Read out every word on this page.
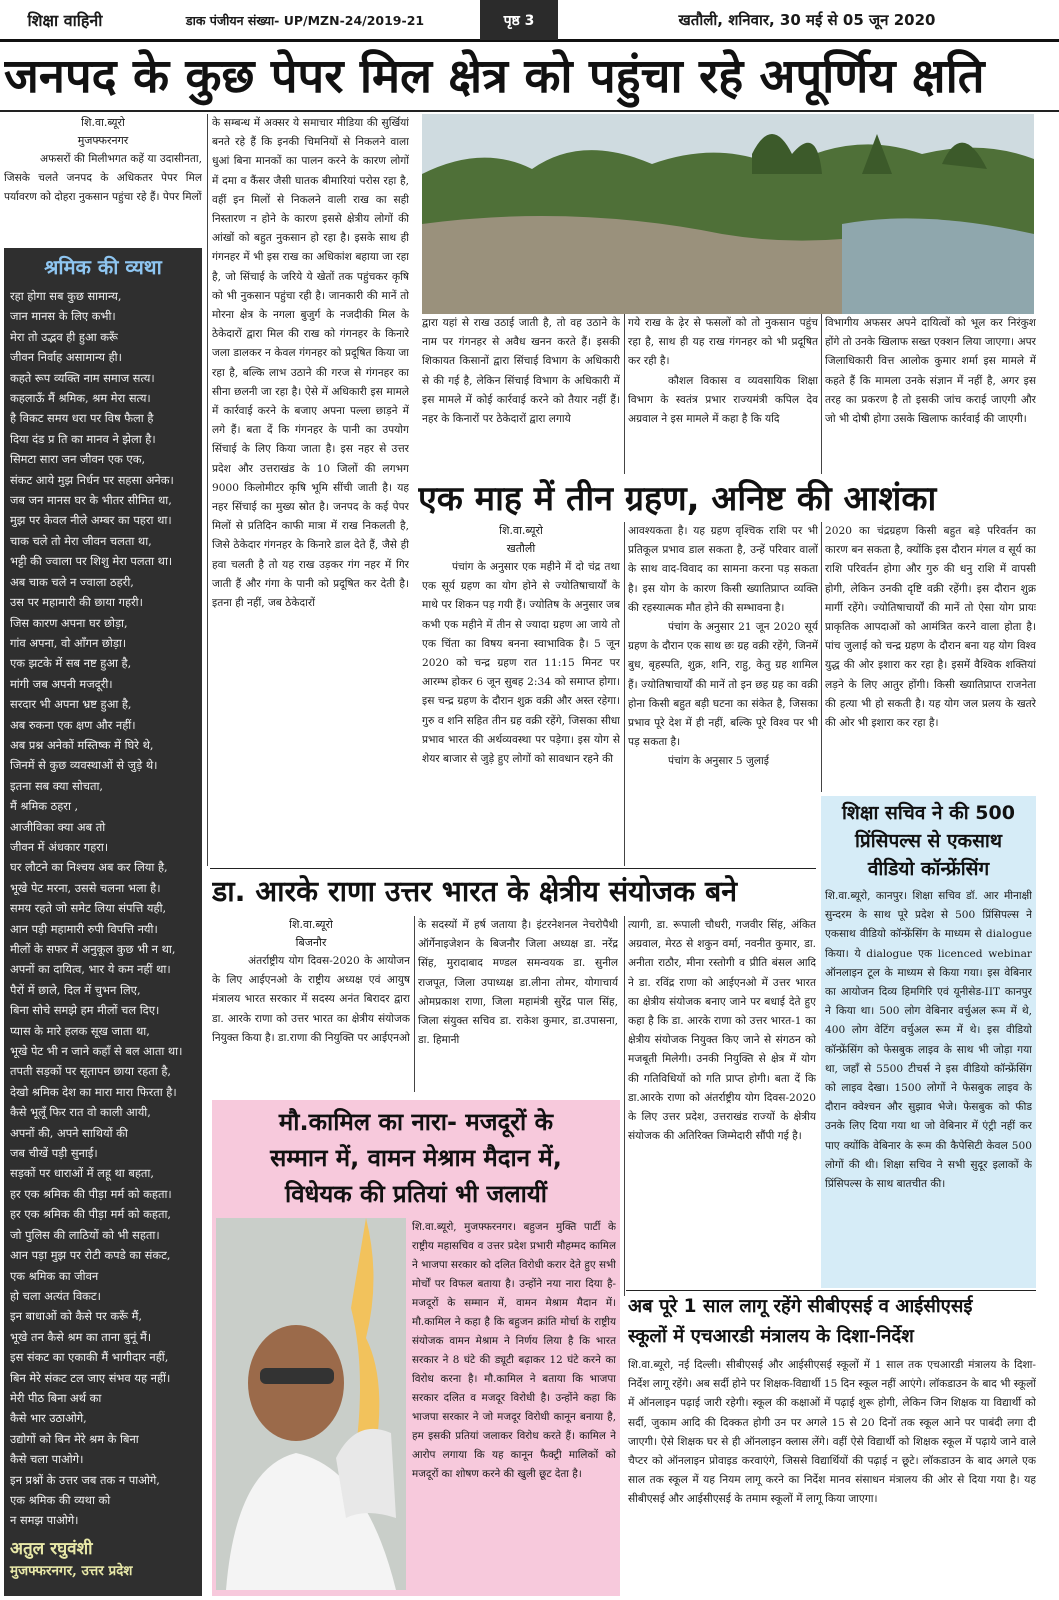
शिक्षा वाहिनी	डाक पंजीयन संख्या- UP/MZN-24/2019-21	पृष्ठ 3	खतौली, शनिवार, 30 मई से 05 जून 2020
जनपद के कुछ पेपर मिल क्षेत्र को पहुंचा रहे अपूर्णिय क्षति
शि.वा.ब्यूरो
मुजफ्फरनगर

अफसरों की मिलीभगत कहें या उदासीनता, जिसके चलते जनपद के अधिकतर पेपर मिल पर्यावरण को दोहरा नुकसान पहुंचा रहे हैं। पेपर मिलों

श्रमिक की व्यथा
रहा होगा सब कुछ सामान्य,
जान मानस के लिए कभी।
मेरा तो उद्भव ही हुआ करूँ
जीवन निर्वाह असामान्य ही।
कहते रूप व्यक्ति नाम समाज सत्य।
कहलाऊँ मैं श्रमिक, श्रम मेरा सत्य।
है विकट समय धरा पर विष फैला है
दिया दंड प्र ति का मानव ने झेला है।
सिमटा सारा जन जीवन एक एक,
संकट आये मुझ निर्धन पर सहसा अनेक।
जब जन मानस घर के भीतर सीमित था,
मुझ पर केवल नीले अम्बर का पहरा था।
चाक चले तो मेरा जीवन चलता था,
भट्टी की ज्वाला पर शिशु मेरा पलता था।
अब चाक चले न ज्वाला ठहरी,
उस पर महामारी की छाया गहरी।
जिस कारण अपना घर छोड़ा,
गांव अपना, वो आँगन छोड़ा।
एक झटके में सब नष्ट हुआ है,
मांगी जब अपनी मजदूरी।
सरदार भी अपना भ्रष्ट हुआ है,
अब रुकना एक क्षण और नहीं।
अब प्रश्न अनेकों मस्तिष्क में घिरे थे,
जिनमें से कुछ व्यवस्थाओं से जुड़े थे।
इतना सब क्या सोचता,
मैं श्रमिक ठहरा ,
आजीविका क्या अब तो
जीवन में अंधकार गहरा।
घर लौटने का निश्चय अब कर लिया है,
भूखे पेट मरना, उससे चलना भला है।
समय रहते जो समेट लिया संपत्ति यही,
आन पड़ी महामारी रुपी विपत्ति नयी।
मीलों के सफर में अनुकूल कुछ भी न था,
अपनों का दायित्व, भार ये कम नहीं था।
पैरों में छाले, दिल में चुभन लिए,
बिना सोचे समझे हम मीलों चल दिए।
प्यास के मारे हलक सूख जाता था,
भूखे पेट भी न जाने कहाँ से बल आता था।
तपती सड़कों पर सूतापन छाया रहता है,
देखो श्रमिक देश का मारा मारा फिरता है।
कैसे भूलूँ फिर रात वो काली आयी,
अपनों की, अपने साथियों की
जब चीखें पड़ी सुनाई।
सड़कों पर धाराओं में लहू था बहता,
हर एक श्रमिक की पीड़ा मर्म को कहता।
हर एक श्रमिक की पीड़ा मर्म को कहता,
जो पुलिस की लाठियों को भी सहता।
आन पड़ा मुझ पर रोटी कपडे का संकट,
एक श्रमिक का जीवन
हो चला अत्यंत विकट।
इन बाधाओं को कैसे पर करूँ मैं,
भूखे तन कैसे श्रम का ताना बुनूं मैं।
इस संकट का एकाकी मैं भागीदार नहीं,
बिन मेरे संकट टल जाए संभव यह नहीं।
मेरी पीठ बिना अर्थ का
कैसे भार उठाओगे,
उद्योगों को बिन मेरे श्रम के बिना
कैसे चला पाओगे।
इन प्रश्नों के उत्तर जब तक न पाओगे,
एक श्रमिक की व्यथा को
न समझ पाओगे।
अतुल रघुवंशी
मुजफ्फरनगर, उत्तर प्रदेश

के सम्बन्ध में अक्सर ये समाचार मीडिया की सुर्खियां बनते रहे हैं कि इनकी चिमनियों से निकलने वाला धुआं बिना मानकों का पालन करने के कारण लोगों में दमा व कैंसर जैसी घातक बीमारियां परोस रहा है, वहीं इन मिलों से निकलने वाली राख का सही निस्तारण न होने के कारण इससे क्षेत्रीय लोगों की आंखों को बहुत नुकसान हो रहा है। इसके साथ ही गंगनहर में भी इस राख का अधिकांश बहाया जा रहा है, जो सिंचाई के जरिये ये खेतों तक पहुंचकर कृषि को भी नुकसान पहुंचा रही है। जानकारी की मानें तो मोरना क्षेत्र के नगला बुजुर्ग के नजदीकी मिल के ठेकेदारों द्वारा मिल की राख को गंगनहर के किनारे जला डालकर न केवल गंगनहर को प्रदूषित किया जा रहा है, बल्कि लाभ उठाने की गरज से गंगनहर का सीना छलनी जा रहा है। ऐसे में अधिकारी इस मामले में कार्रवाई करने के बजाए अपना पल्ला छाड़ने में लगे हैं। बता दें कि गंगनहर के पानी का उपयोग सिंचाई के लिए किया जाता है। इस नहर से उत्तर प्रदेश और उत्तराखंड के 10 जिलों की लगभग 9000 किलोमीटर कृषि भूमि सींची जाती है। यह नहर सिंचाई का मुख्य स्रोत है। जनपद के कई पेपर मिलों से प्रतिदिन काफी मात्रा में राख निकलती है, जिसे ठेकेदार गंगनहर के किनारे डाल देते हैं, जैसे ही हवा चलती है तो यह राख उड़कर गंग नहर में गिर जाती हैं और गंगा के पानी को प्रदूषित कर देती है। इतना ही नहीं, जब ठेकेदारों

द्वारा यहां से राख उठाई जाती है, तो वह उठाने के नाम पर गंगनहर से अवैध खनन करते हैं। इसकी शिकायत किसानों द्वारा सिंचाई विभाग के अधिकारी से की गई है, लेकिन सिंचाई विभाग के अधिकारी में इस मामले में कोई कार्रवाई करने को तैयार नहीं हैं। नहर के किनारों पर ठेकेदारों द्वारा लगाये

गये राख के ढ़ेर से फसलों को तो नुकसान पहुंच रहा है, साथ ही यह राख गंगनहर को भी प्रदूषित कर रही है।

कौशल विकास व व्यवसायिक शिक्षा विभाग के स्वतंत्र प्रभार राज्यमंत्री कपिल देव अग्रवाल ने इस मामले में कहा है कि यदि

विभागीय अफसर अपने दायित्वों को भूल कर निरंकुश होंगे तो उनके खिलाफ सख्त एक्शन लिया जाएगा। अपर जिलाधिकारी वित्त आलोक कुमार शर्मा इस मामले में कहते हैं कि मामला उनके संज्ञान में नहीं है, अगर इस तरह का प्रकरण है तो इसकी जांच कराई जाएगी और जो भी दोषी होगा उसके खिलाफ कार्रवाई की जाएगी।

एक माह में तीन ग्रहण, अनिष्ट की आशंका
शि.वा.ब्यूरो
खतौली

पंचांग के अनुसार एक महीने में दो चंद्र तथा एक सूर्य ग्रहण का योग होने से ज्योतिषाचार्यों के माथे पर शिकन पड़ गयी हैं। ज्योतिष के अनुसार जब कभी एक महीने में तीन से ज्यादा ग्रहण आ जाये तो एक चिंता का विषय बनना स्वाभाविक है। 5 जून 2020 को चन्द्र ग्रहण रात 11:15 मिनट पर आरम्भ होकर 6 जून सुबह 2:34 को समाप्त होगा। इस चन्द्र ग्रहण के दौरान शुक्र वक्री और अस्त रहेगा। गुरु व शनि सहित तीन ग्रह वक्री रहेंगे, जिसका सीधा प्रभाव भारत की अर्थव्यवस्था पर पड़ेगा। इस योग से शेयर बाजार से जुड़े हुए लोगों को सावधान रहने की

आवश्यकता है। यह ग्रहण वृश्चिक राशि पर भी प्रतिकूल प्रभाव डाल सकता है, उन्हें परिवार वालों के साथ वाद-विवाद का सामना करना पड़ सकता है। इस योग के कारण किसी ख्यातिप्राप्त व्यक्ति की रहस्यात्मक मौत होने की सम्भावना है।

पंचांग के अनुसार 21 जून 2020 सूर्य ग्रहण के दौरान एक साथ छः ग्रह वक्री रहेंगे, जिनमें बुध, बृहस्पति, शुक्र, शनि, राहु, केतु ग्रह शामिल हैं। ज्योतिषाचार्यों की मानें तो इन छह ग्रह का वक्री होना किसी बहुत बड़ी घटना का संकेत है, जिसका प्रभाव पूरे देश में ही नहीं, बल्कि पूरे विश्व पर भी पड़ सकता है।

पंचांग के अनुसार 5 जुलाई

2020 का चंद्रग्रहण किसी बहुत बड़े परिवर्तन का कारण बन सकता है, क्योंकि इस दौरान मंगल व सूर्य का राशि परिवर्तन होगा और गुरु की धनु राशि में वापसी होगी, लेकिन उनकी दृष्टि वक्री रहेंगी। इस दौरान शुक्र मार्गी रहेंगे। ज्योतिषाचार्यों की मानें तो ऐसा योग प्रायः प्राकृतिक आपदाओं को आमंत्रित करने वाला होता है। पांच जुलाई को चन्द्र ग्रहण के दौरान बना यह योग विश्व युद्ध की ओर इशारा कर रहा है। इसमें वैश्विक शक्तियां लड़ने के लिए आतुर होंगी। किसी ख्यातिप्राप्त राजनेता की हत्या भी हो सकती है। यह योग जल प्रलय के खतरे की ओर भी इशारा कर रहा है।

शिक्षा सचिव ने की 500
प्रिंसिपल्स से एकसाथ
वीडियो कॉन्फ्रेंसिंग

शि.वा.ब्यूरो, कानपुर। शिक्षा सचिव डॉ. आर मीनाक्षी सुन्दरम के साथ पूरे प्रदेश से 500 प्रिंसिपल्स ने एकसाथ वीडियो कॉन्फ्रेंसिंग के माध्यम से dialogue किया। ये dialogue एक licenced webinar ऑनलाइन टूल के माध्यम से किया गया। इस वेबिनार का आयोजन दिव्य हिमगिरि एवं यूनीसेड-IIT कानपुर ने किया था। 500 लोग वेबिनार वर्चुअल रूम में थे, 400 लोग वेटिंग वर्चुअल रूम में थे। इस वीडियो कॉन्फ्रेंसिंग को फेसबुक लाइव के साथ भी जोड़ा गया था, जहाँ से 5500 टीचर्स ने इस वीडियो कॉन्फ्रेंसिंग को लाइव देखा। 1500 लोगों ने फेसबुक लाइव के दौरान क्वेश्चन और सुझाव भेजे। फेसबुक को फीड उनके लिए दिया गया था जो वेबिनार में एंट्री नहीं कर पाए क्योंकि वेबिनार के रूम की कैपेसिटी केवल 500 लोगों की थी। शिक्षा सचिव ने सभी सुदूर इलाकों के प्रिंसिपल्स के साथ बातचीत की।

डा. आरके राणा उत्तर भारत के क्षेत्रीय संयोजक बने
शि.वा.ब्यूरो
बिजनौर

अंतर्राष्ट्रीय योग दिवस-2020 के आयोजन के लिए आईएनओ के राष्ट्रीय अध्यक्ष एवं आयुष मंत्रालय भारत सरकार में सदस्य अनंत बिरादर द्वारा डा. आरके राणा को उत्तर भारत का क्षेत्रीय संयोजक नियुक्त किया है। डा.राणा की नियुक्ति पर आईएनओ

के सदस्यों में हर्ष जताया है। इंटरनेशनल नेचरोपैथी ऑर्गेनाइजेशन के बिजनौर जिला अध्यक्ष डा. नरेंद्र सिंह, मुरादाबाद मण्डल समन्वयक डा. सुनील राजपूत, जिला उपाध्यक्ष डा.लीना तोमर, योगाचार्य ओमप्रकाश राणा, जिला महामंत्री सुरेंद्र पाल सिंह, जिला संयुक्त सचिव डा. राकेश कुमार, डा.उपासना, डा. हिमानी

त्यागी, डा. रूपाली चौधरी, गजवीर सिंह, अंकित अग्रवाल, मेरठ से शकुन वर्मा, नवनीत कुमार, डा. अनीता राठौर, मीना रस्तोगी व प्रीति बंसल आदि ने डा. रविंद्र राणा को आईएनओ में उत्तर भारत का क्षेत्रीय संयोजक बनाए जाने पर बधाई देते हुए कहा है कि डा. आरके राणा को उत्तर भारत-1 का क्षेत्रीय संयोजक नियुक्त किए जाने से संगठन को मजबूती मिलेगी। उनकी नियुक्ति से क्षेत्र में योग की गतिविधियों को गति प्राप्त होगी। बता दें कि डा.आरके राणा को अंतर्राष्ट्रीय योग दिवस-2020 के लिए उत्तर प्रदेश, उत्तराखंड राज्यों के क्षेत्रीय संयोजक की अतिरिक्त जिम्मेदारी सौंपी गई है।

मौ.कामिल का नारा- मजदूरों के
सम्मान में, वामन मेश्राम मैदान में,
विधेयक की प्रतियां भी जलायीं

शि.वा.ब्यूरो, मुजफ्फरनगर। बहुजन मुक्ति पार्टी के राष्ट्रीय महासचिव व उत्तर प्रदेश प्रभारी मौहम्मद कामिल ने भाजपा सरकार को दलित विरोधी करार देते हुए सभी मोर्चों पर विफल बताया है। उन्होंने नया नारा दिया है-मजदूरों के सम्मान में, वामन मेश्राम मैदान में। मौ.कामिल ने कहा है कि बहुजन क्रांति मोर्चा के राष्ट्रीय संयोजक वामन मेश्राम ने निर्णय लिया है कि भारत सरकार ने 8 घंटे की ड्यूटी बढ़ाकर 12 घंटे करने का विरोध करना है। मौ.कामिल ने बताया कि भाजपा सरकार दलित व मजदूर विरोधी है। उन्होंने कहा कि भाजपा सरकार ने जो मजदूर विरोधी कानून बनाया है, हम इसकी प्रतियां जलाकर विरोध करते हैं। कामिल ने आरोप लगाया कि यह कानून फैक्ट्री मालिकों को मजदूरों का शोषण करने की खुली छूट देता है।

अब पूरे 1 साल लागू रहेंगे सीबीएसई व आईसीएसई
स्कूलों में एचआरडी मंत्रालय के दिशा-निर्देश

शि.वा.ब्यूरो, नई दिल्ली। सीबीएसई और आईसीएसई स्कूलों में 1 साल तक एचआरडी मंत्रालय के दिशा-निर्देश लागू रहेंगे। अब सर्दी होने पर शिक्षक-विद्यार्थी 15 दिन स्कूल नहीं आएंगे। लॉकडाउन के बाद भी स्कूलों में ऑनलाइन पढ़ाई जारी रहेगी। स्कूल की कक्षाओं में पढ़ाई शुरू होगी, लेकिन जिन शिक्षक या विद्यार्थी को सर्दी, जुकाम आदि की दिक्कत होगी उन पर अगले 15 से 20 दिनों तक स्कूल आने पर पाबंदी लगा दी जाएगी। ऐसे शिक्षक घर से ही ऑनलाइन क्लास लेंगे। वहीं ऐसे विद्यार्थी को शिक्षक स्कूल में पढ़ाये जाने वाले चैप्टर को ऑनलाइन प्रोवाइड करवाएंगे, जिससे विद्यार्थियों की पढ़ाई न छूटे। लॉकडाउन के बाद अगले एक साल तक स्कूल में यह नियम लागू करने का निर्देश मानव संसाधन मंत्रालय की ओर से दिया गया है। यह सीबीएसई और आईसीएसई के तमाम स्कूलों में लागू किया जाएगा।
